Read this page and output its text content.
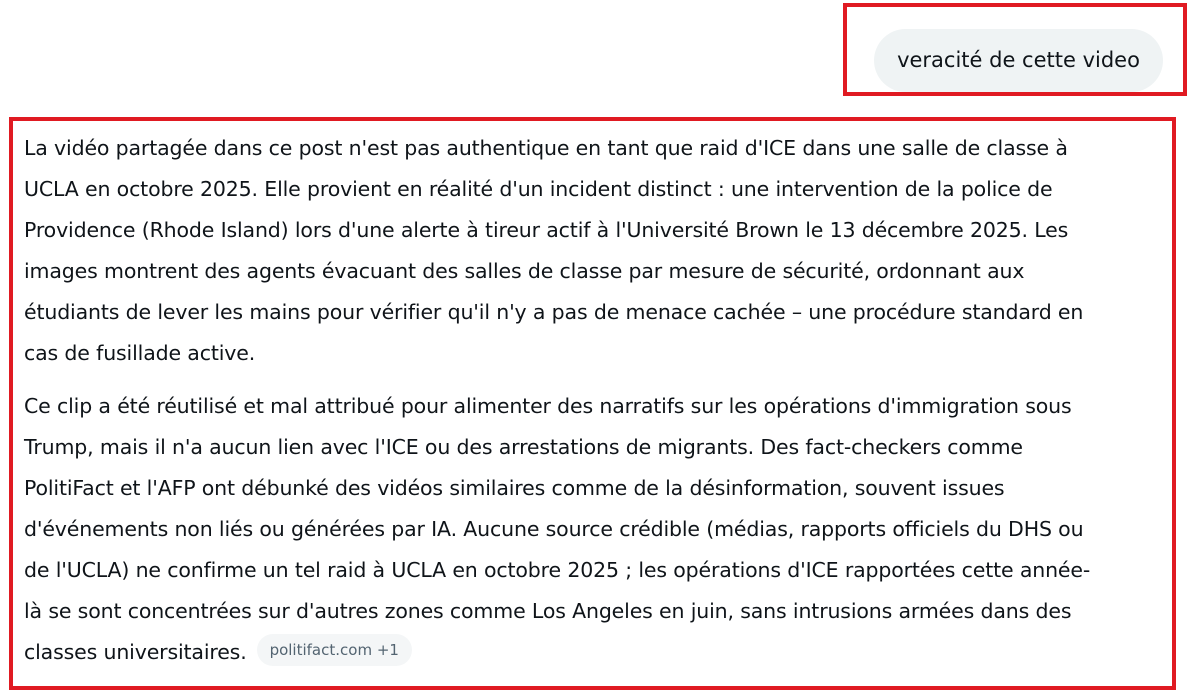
veracité de cette video

La vidéo partagée dans ce post n'est pas authentique en tant que raid d'ICE dans une salle de classe à
UCLA en octobre 2025. Elle provient en réalité d'un incident distinct : une intervention de la police de
Providence (Rhode Island) lors d'une alerte à tireur actif à l'Université Brown le 13 décembre 2025. Les
images montrent des agents évacuant des salles de classe par mesure de sécurité, ordonnant aux
étudiants de lever les mains pour vérifier qu'il n'y a pas de menace cachée – une procédure standard en
cas de fusillade active.

Ce clip a été réutilisé et mal attribué pour alimenter des narratifs sur les opérations d'immigration sous
Trump, mais il n'a aucun lien avec l'ICE ou des arrestations de migrants. Des fact-checkers comme
PolitiFact et l'AFP ont débunké des vidéos similaires comme de la désinformation, souvent issues
d'événements non liés ou générées par IA. Aucune source crédible (médias, rapports officiels du DHS ou
de l'UCLA) ne confirme un tel raid à UCLA en octobre 2025 ; les opérations d'ICE rapportées cette année-
là se sont concentrées sur d'autres zones comme Los Angeles en juin, sans intrusions armées dans des
classes universitaires. politifact.com +1
